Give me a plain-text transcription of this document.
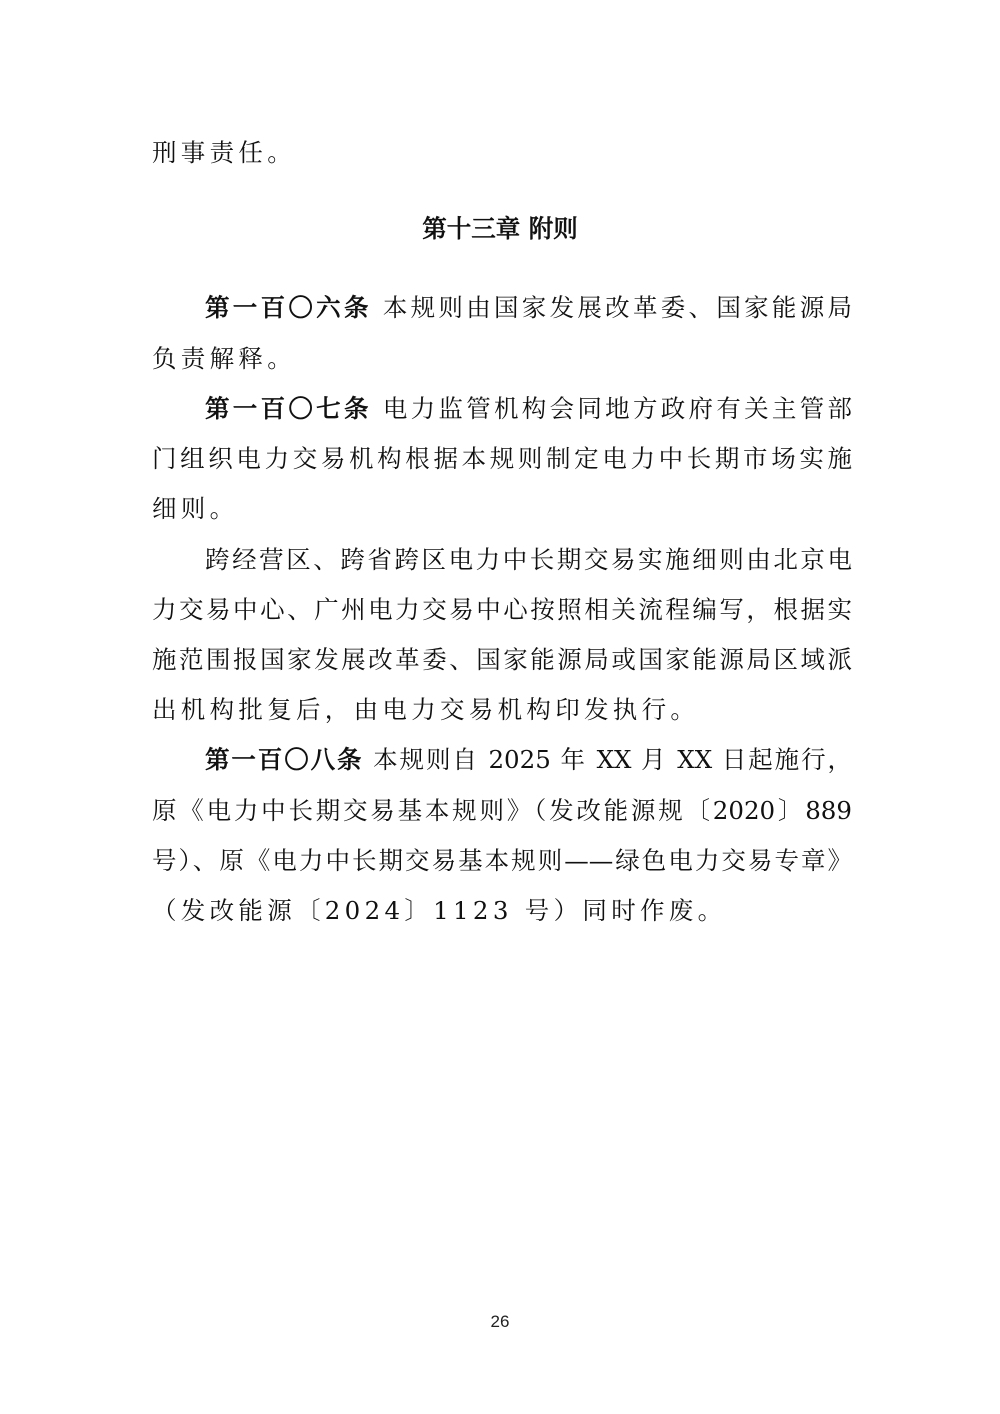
刑事责任。
第十三章 附则
第一百〇六条 本规则由国家发展改革委、国家能源局
负责解释。
第一百〇七条 电力监管机构会同地方政府有关主管部
门组织电力交易机构根据本规则制定电力中长期市场实施
细则。
跨经营区、跨省跨区电力中长期交易实施细则由北京电
力交易中心、广州电力交易中心按照相关流程编写，根据实
施范围报国家发展改革委、国家能源局或国家能源局区域派
出机构批复后，由电力交易机构印发执行。
第一百〇八条 本规则自 2025 年 XX 月 XX 日起施行，
原《电力中长期交易基本规则》（发改能源规〔2020〕889
号）、原《电力中长期交易基本规则——绿色电力交易专章》
（发改能源〔2024〕1123 号）同时作废。
26
